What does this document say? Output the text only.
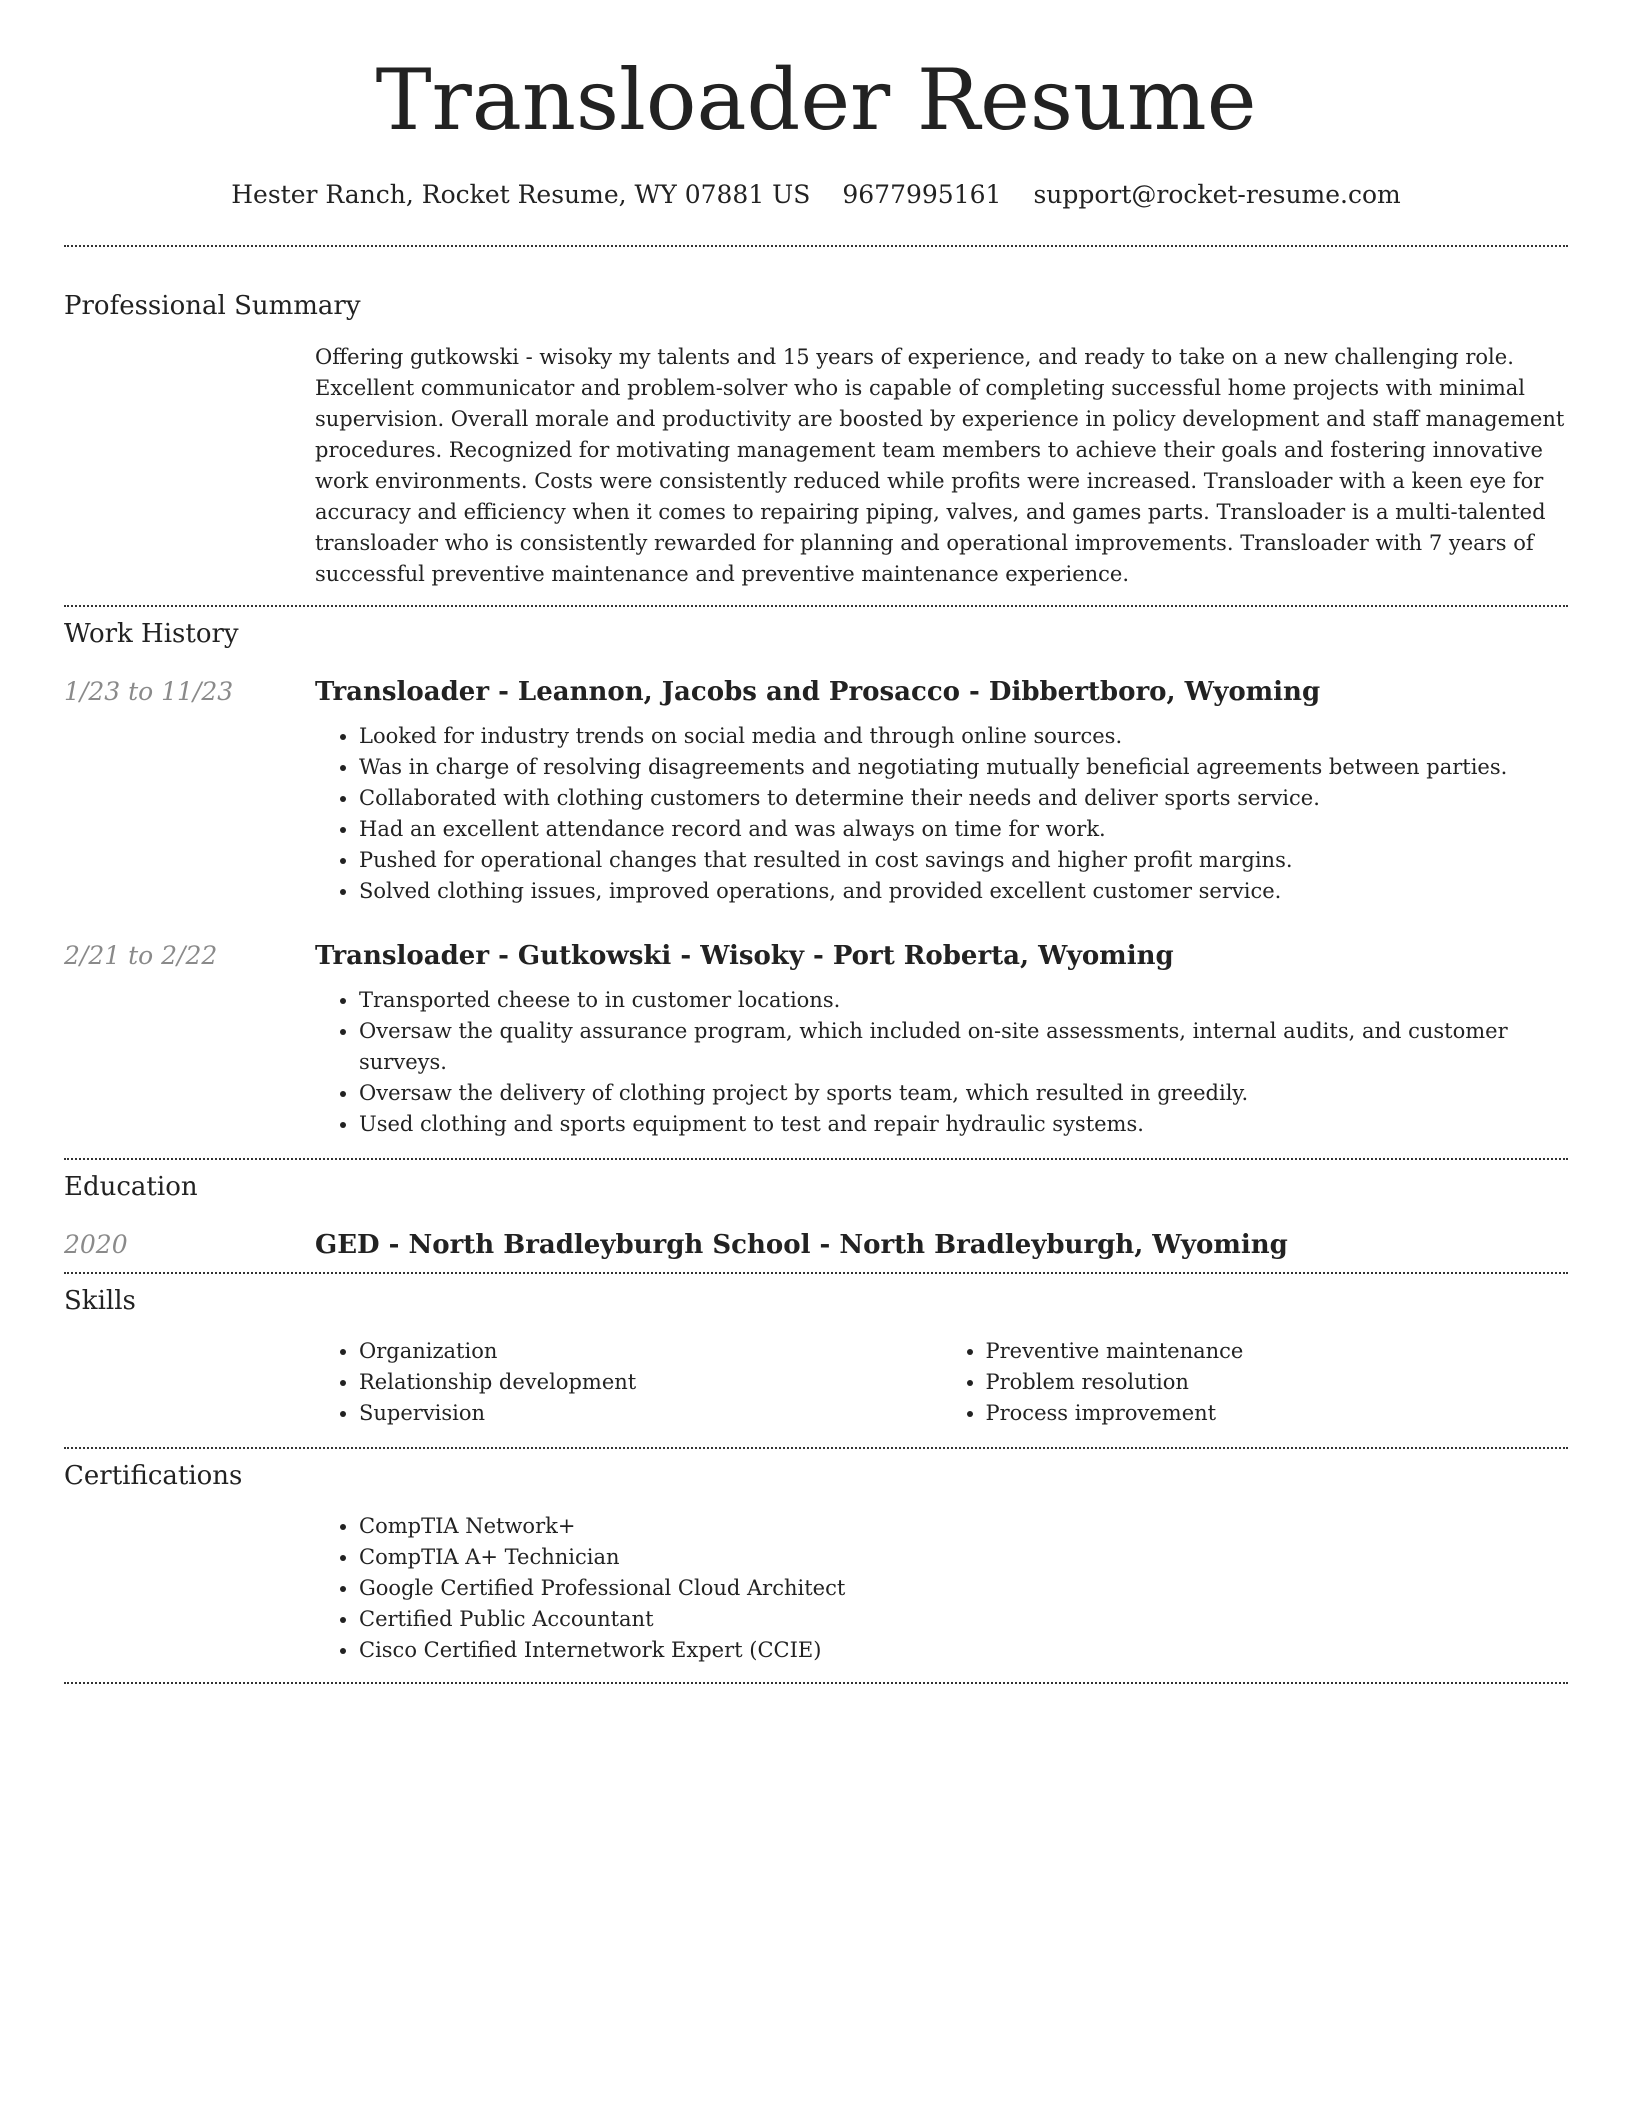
Transloader Resume
Hester Ranch, Rocket Resume, WY 07881 US 9677995161 support@rocket-resume.com
Professional Summary

Offering gutkowski - wisoky my talents and 15 years of experience, and ready to take on a new challenging role. Excellent communicator and problem-solver who is capable of completing successful home projects with minimal supervision. Overall morale and productivity are boosted by experience in policy development and staff management procedures. Recognized for motivating management team members to achieve their goals and fostering innovative work environments. Costs were consistently reduced while profits were increased. Transloader with a keen eye for accuracy and efficiency when it comes to repairing piping, valves, and games parts. Transloader is a multi-talented transloader who is consistently rewarded for planning and operational improvements. Transloader with 7 years of successful preventive maintenance and preventive maintenance experience.

Work History
1/23 to 11/23	Transloader - Leannon, Jacobs and Prosacco - Dibbertboro, Wyoming
• Looked for industry trends on social media and through online sources.
• Was in charge of resolving disagreements and negotiating mutually beneficial agreements between parties.
• Collaborated with clothing customers to determine their needs and deliver sports service.
• Had an excellent attendance record and was always on time for work.
• Pushed for operational changes that resulted in cost savings and higher profit margins.
• Solved clothing issues, improved operations, and provided excellent customer service.
2/21 to 2/22	Transloader - Gutkowski - Wisoky - Port Roberta, Wyoming
• Transported cheese to in customer locations.
• Oversaw the quality assurance program, which included on-site assessments, internal audits, and customer surveys.
• Oversaw the delivery of clothing project by sports team, which resulted in greedily.
• Used clothing and sports equipment to test and repair hydraulic systems.
Education
2020	GED - North Bradleyburgh School - North Bradleyburgh, Wyoming
Skills
• Organization
• Relationship development
• Supervision
• Preventive maintenance
• Problem resolution
• Process improvement
Certifications
• CompTIA Network+
• CompTIA A+ Technician
• Google Certified Professional Cloud Architect
• Certified Public Accountant
• Cisco Certified Internetwork Expert (CCIE)
